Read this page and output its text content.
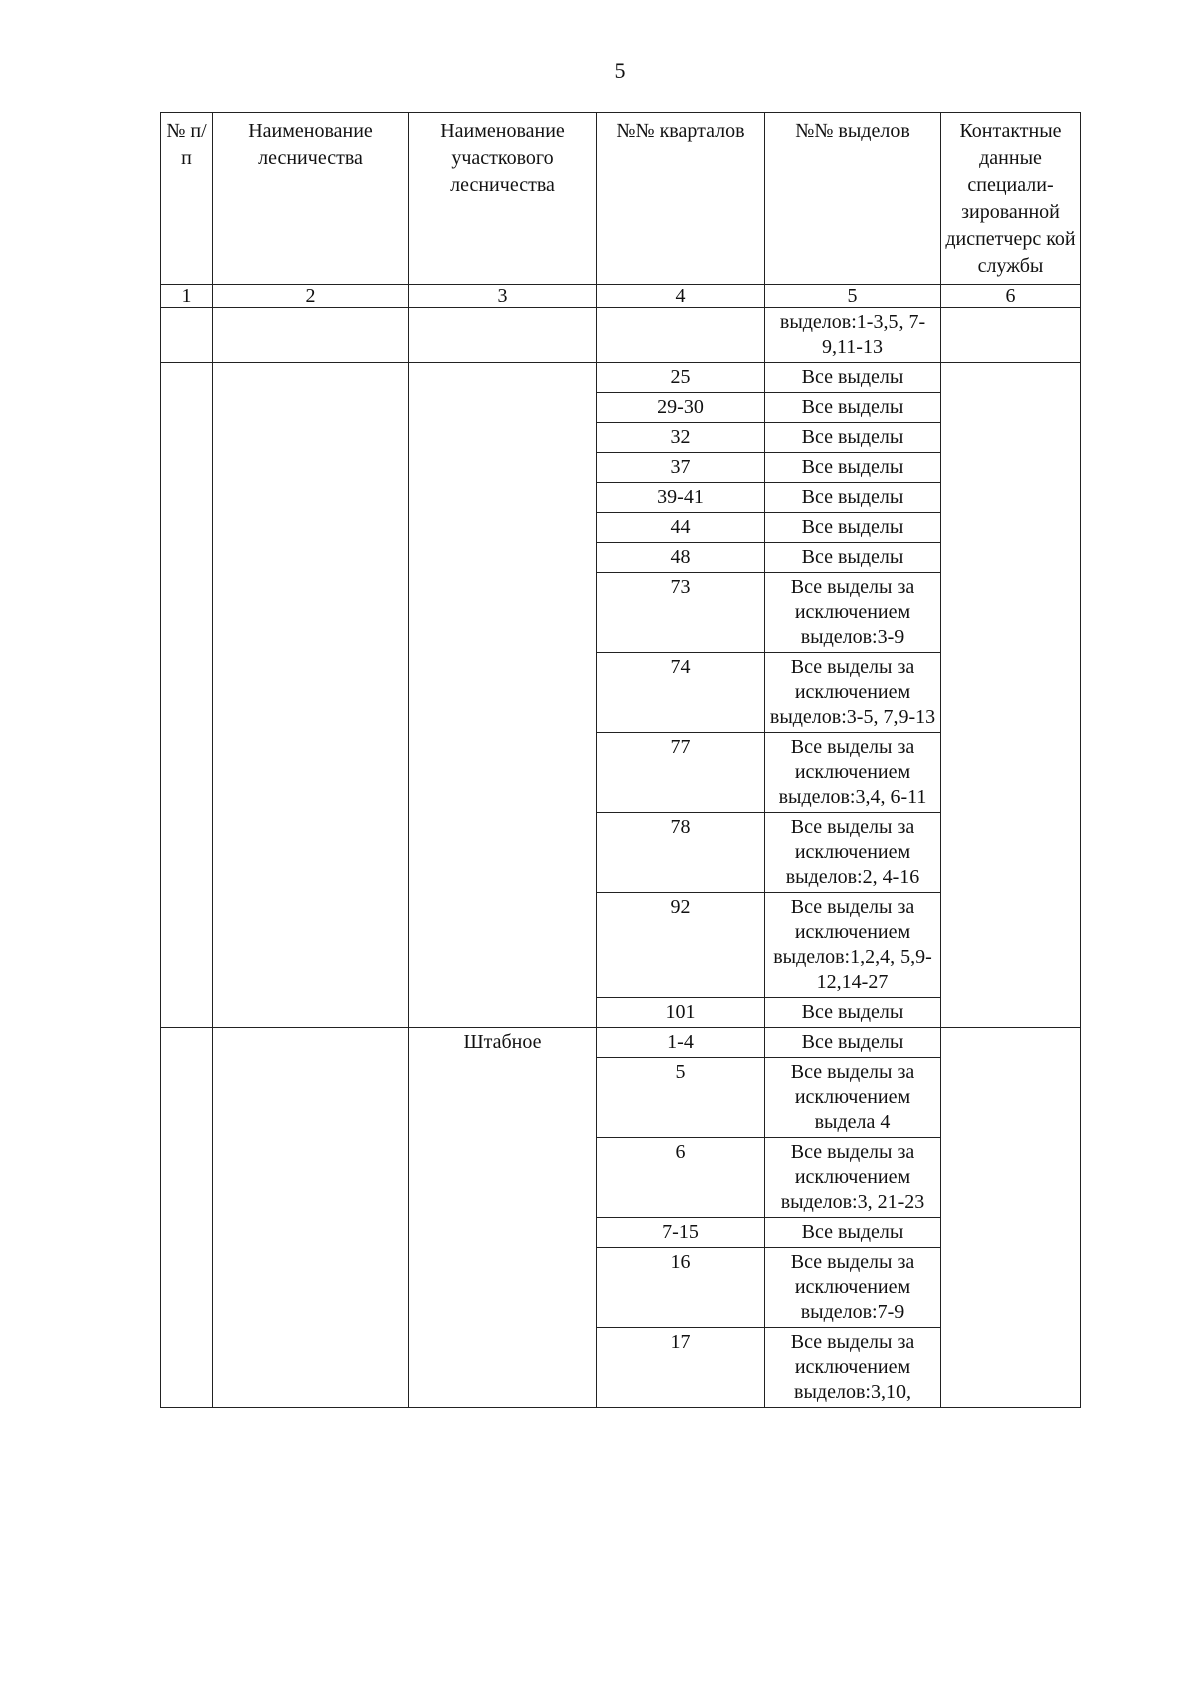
5
№ п/п	Наименование лесничества	Наименование участкового лесничества	№№ кварталов	№№ выделов	Контактные данные специали-зированной диспетчерс кой службы
1	2	3	4	5	6
				выделов:1-3,5, 7-9,11-13	
			25	Все выделы	
			29-30	Все выделы	
			32	Все выделы	
			37	Все выделы	
			39-41	Все выделы	
			44	Все выделы	
			48	Все выделы	
			73	Все выделы за исключением выделов:3-9	
			74	Все выделы за исключением выделов:3-5, 7,9-13	
			77	Все выделы за исключением выделов:3,4, 6-11	
			78	Все выделы за исключением выделов:2, 4-16	
			92	Все выделы за исключением выделов:1,2,4, 5,9-12,14-27	
			101	Все выделы	
		Штабное	1-4	Все выделы	
			5	Все выделы за исключением выдела 4	
			6	Все выделы за исключением выделов:3, 21-23	
			7-15	Все выделы	
			16	Все выделы за исключением выделов:7-9	
			17	Все выделы за исключением выделов:3,10,	
